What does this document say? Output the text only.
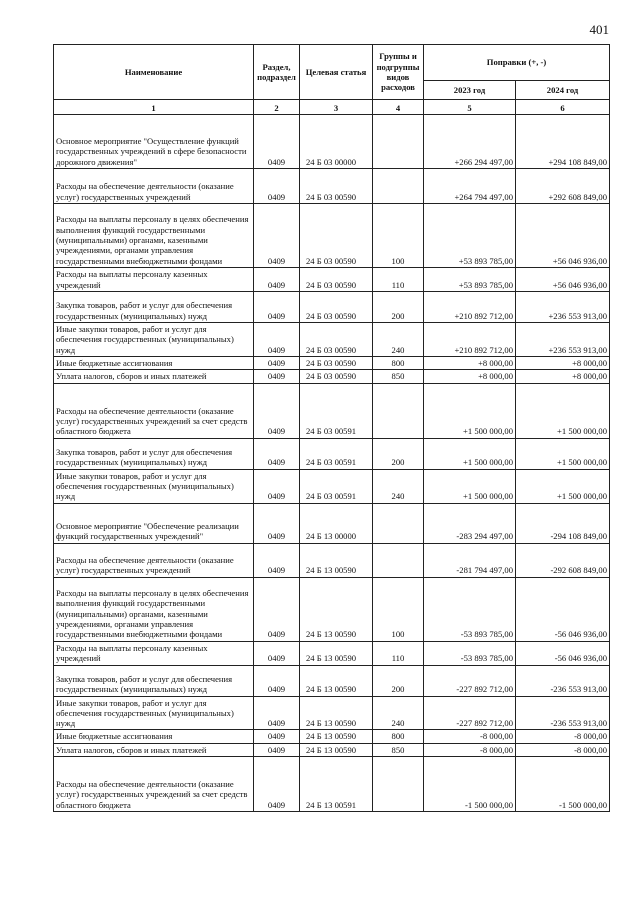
401
Наименование	Раздел, подраздел	Целевая статья	Группы и подгруппы видов расходов	Поправки (+, -)	
				2023 год	2024 год
1	2	3	4	5	6
Основное мероприятие "Осуществление функций государственных учреждений в сфере безопасности дорожного движения"	0409	24 Б 03 00000		+266 294 497,00	+294 108 849,00
Расходы на обеспечение деятельности (оказание услуг) государственных учреждений	0409	24 Б 03 00590		+264 794 497,00	+292 608 849,00
Расходы на выплаты персоналу в целях обеспечения выполнения функций государственными (муниципальными) органами, казенными учреждениями, органами управления государственными внебюджетными фондами	0409	24 Б 03 00590	100	+53 893 785,00	+56 046 936,00
Расходы на выплаты персоналу казенных учреждений	0409	24 Б 03 00590	110	+53 893 785,00	+56 046 936,00
Закупка товаров, работ и услуг для обеспечения государственных (муниципальных) нужд	0409	24 Б 03 00590	200	+210 892 712,00	+236 553 913,00
Иные закупки товаров, работ и услуг для обеспечения государственных (муниципальных) нужд	0409	24 Б 03 00590	240	+210 892 712,00	+236 553 913,00
Иные бюджетные ассигнования	0409	24 Б 03 00590	800	+8 000,00	+8 000,00
Уплата налогов, сборов и иных платежей	0409	24 Б 03 00590	850	+8 000,00	+8 000,00
Расходы на обеспечение деятельности (оказание услуг) государственных учреждений за счет средств областного бюджета	0409	24 Б 03 00591		+1 500 000,00	+1 500 000,00
Закупка товаров, работ и услуг для обеспечения государственных (муниципальных) нужд	0409	24 Б 03 00591	200	+1 500 000,00	+1 500 000,00
Иные закупки товаров, работ и услуг для обеспечения государственных (муниципальных) нужд	0409	24 Б 03 00591	240	+1 500 000,00	+1 500 000,00
Основное мероприятие "Обеспечение реализации функций государственных учреждений"	0409	24 Б 13 00000		-283 294 497,00	-294 108 849,00
Расходы на обеспечение деятельности (оказание услуг) государственных учреждений	0409	24 Б 13 00590		-281 794 497,00	-292 608 849,00
Расходы на выплаты персоналу в целях обеспечения выполнения функций государственными (муниципальными) органами, казенными учреждениями, органами управления государственными внебюджетными фондами	0409	24 Б 13 00590	100	-53 893 785,00	-56 046 936,00
Расходы на выплаты персоналу казенных учреждений	0409	24 Б 13 00590	110	-53 893 785,00	-56 046 936,00
Закупка товаров, работ и услуг для обеспечения государственных (муниципальных) нужд	0409	24 Б 13 00590	200	-227 892 712,00	-236 553 913,00
Иные закупки товаров, работ и услуг для обеспечения государственных (муниципальных) нужд	0409	24 Б 13 00590	240	-227 892 712,00	-236 553 913,00
Иные бюджетные ассигнования	0409	24 Б 13 00590	800	-8 000,00	-8 000,00
Уплата налогов, сборов и иных платежей	0409	24 Б 13 00590	850	-8 000,00	-8 000,00
Расходы на обеспечение деятельности (оказание услуг) государственных учреждений за счет средств областного бюджета	0409	24 Б 13 00591		-1 500 000,00	-1 500 000,00
